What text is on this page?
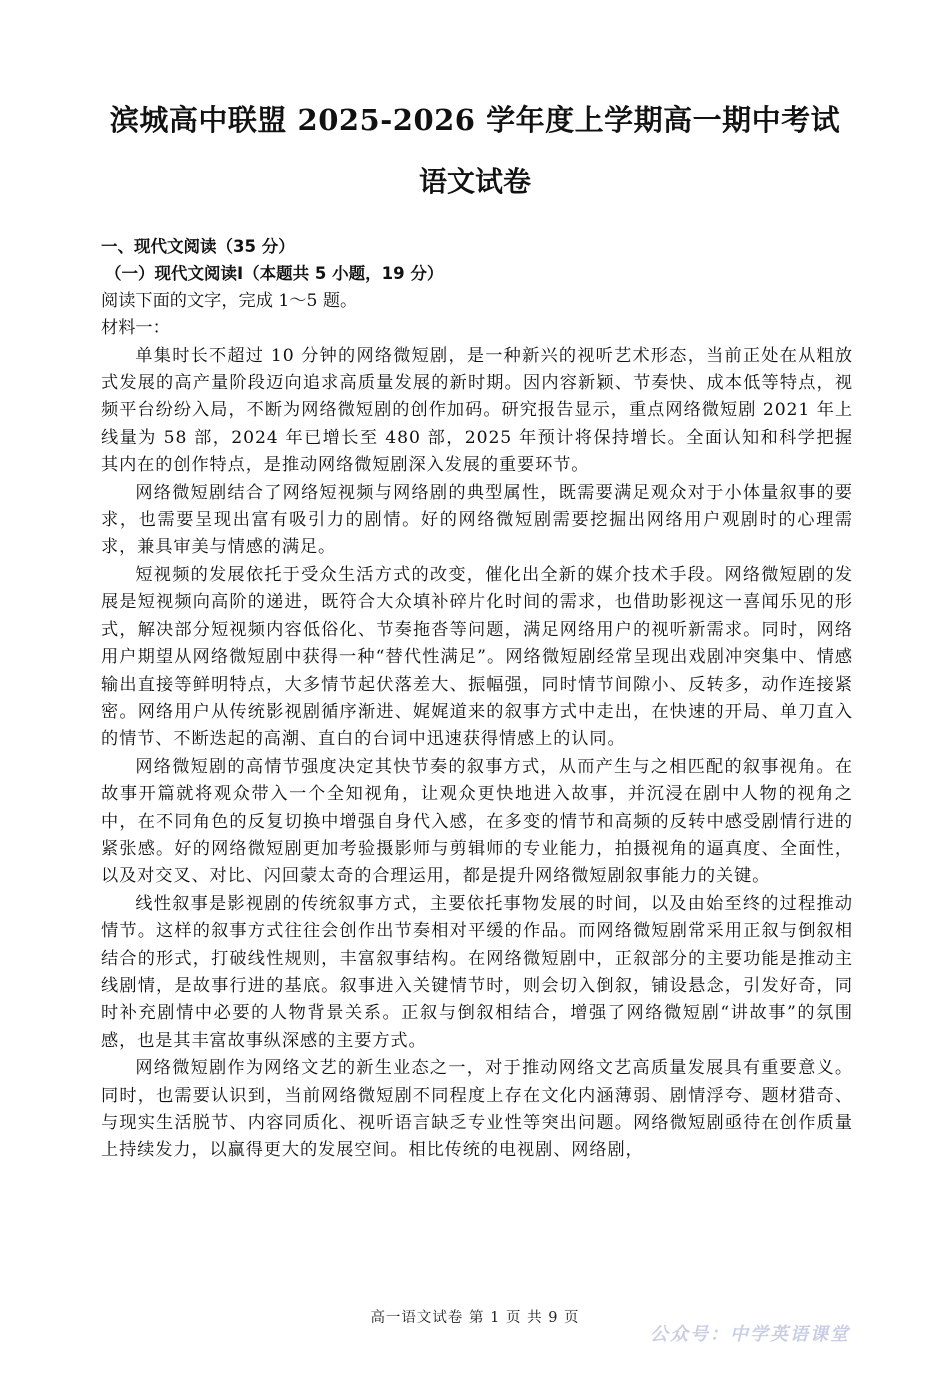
滨城高中联盟 2025-2026 学年度上学期高一期中考试
语文试卷

一、现代文阅读（35 分）

（一）现代文阅读Ⅰ（本题共 5 小题，19 分）

阅读下面的文字，完成 1～5 题。

材料一：

单集时长不超过 10 分钟的网络微短剧，是一种新兴的视听艺术形态，当前正处在从粗放式发展的高产量阶段迈向追求高质量发展的新时期。因内容新颖、节奏快、成本低等特点，视频平台纷纷入局，不断为网络微短剧的创作加码。研究报告显示，重点网络微短剧 2021 年上线量为 58 部，2024 年已增长至 480 部，2025 年预计将保持增长。全面认知和科学把握其内在的创作特点，是推动网络微短剧深入发展的重要环节。

网络微短剧结合了网络短视频与网络剧的典型属性，既需要满足观众对于小体量叙事的要求，也需要呈现出富有吸引力的剧情。好的网络微短剧需要挖掘出网络用户观剧时的心理需求，兼具审美与情感的满足。

短视频的发展依托于受众生活方式的改变，催化出全新的媒介技术手段。网络微短剧的发展是短视频向高阶的递进，既符合大众填补碎片化时间的需求，也借助影视这一喜闻乐见的形式，解决部分短视频内容低俗化、节奏拖沓等问题，满足网络用户的视听新需求。同时，网络用户期望从网络微短剧中获得一种“替代性满足”。网络微短剧经常呈现出戏剧冲突集中、情感输出直接等鲜明特点，大多情节起伏落差大、振幅强，同时情节间隙小、反转多，动作连接紧密。网络用户从传统影视剧循序渐进、娓娓道来的叙事方式中走出，在快速的开局、单刀直入的情节、不断迭起的高潮、直白的台词中迅速获得情感上的认同。

网络微短剧的高情节强度决定其快节奏的叙事方式，从而产生与之相匹配的叙事视角。在故事开篇就将观众带入一个全知视角，让观众更快地进入故事，并沉浸在剧中人物的视角之中，在不同角色的反复切换中增强自身代入感，在多变的情节和高频的反转中感受剧情行进的紧张感。好的网络微短剧更加考验摄影师与剪辑师的专业能力，拍摄视角的逼真度、全面性，以及对交叉、对比、闪回蒙太奇的合理运用，都是提升网络微短剧叙事能力的关键。

线性叙事是影视剧的传统叙事方式，主要依托事物发展的时间，以及由始至终的过程推动情节。这样的叙事方式往往会创作出节奏相对平缓的作品。而网络微短剧常采用正叙与倒叙相结合的形式，打破线性规则，丰富叙事结构。在网络微短剧中，正叙部分的主要功能是推动主线剧情，是故事行进的基底。叙事进入关键情节时，则会切入倒叙，铺设悬念，引发好奇，同时补充剧情中必要的人物背景关系。正叙与倒叙相结合，增强了网络微短剧“讲故事”的氛围感，也是其丰富故事纵深感的主要方式。

网络微短剧作为网络文艺的新生业态之一，对于推动网络文艺高质量发展具有重要意义。同时，也需要认识到，当前网络微短剧不同程度上存在文化内涵薄弱、剧情浮夸、题材猎奇、与现实生活脱节、内容同质化、视听语言缺乏专业性等突出问题。网络微短剧亟待在创作质量上持续发力，以赢得更大的发展空间。相比传统的电视剧、网络剧，

高一语文试卷 第 1 页 共 9 页
公众号：中学英语课堂
